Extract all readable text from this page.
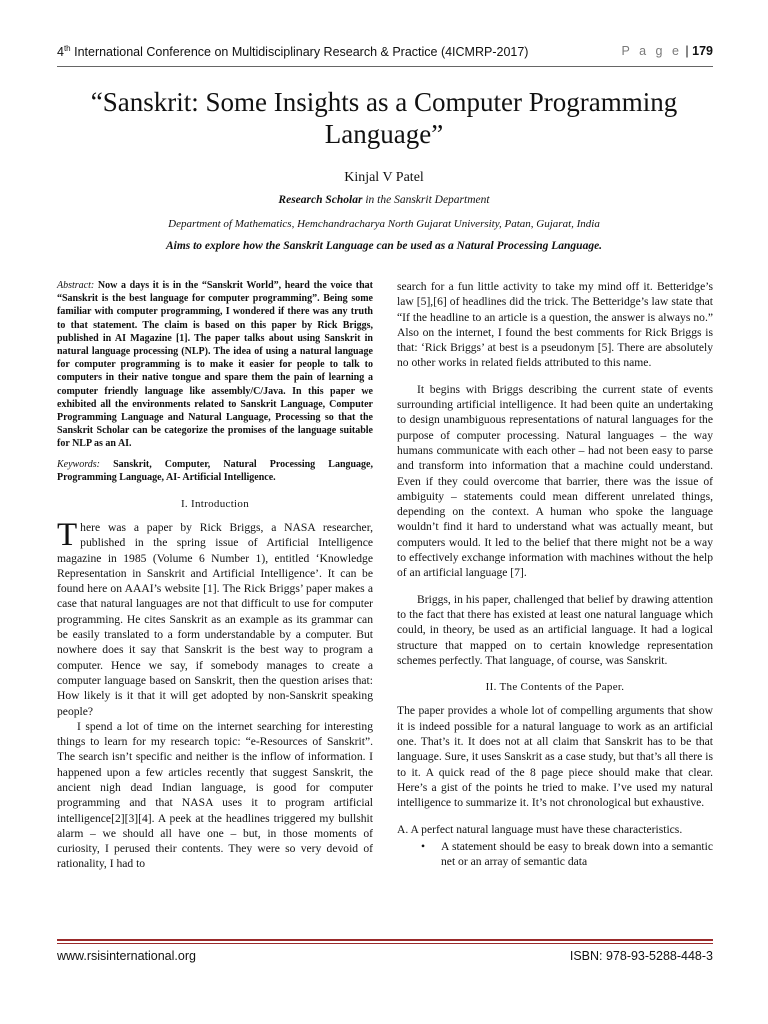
4th International Conference on Multidisciplinary Research & Practice (4ICMRP-2017)	P a g e | 179
“Sanskrit: Some Insights as a Computer Programming Language”
Kinjal V Patel
Research Scholar in the Sanskrit Department
Department of Mathematics, Hemchandracharya North Gujarat University, Patan, Gujarat, India
Aims to explore how the Sanskrit Language can be used as a Natural Processing Language.

Abstract: Now a days it is in the “Sanskrit World”, heard the voice that “Sanskrit is the best language for computer programming”. Being some familiar with computer programming, I wondered if there was any truth to that statement. The claim is based on this paper by Rick Briggs, published in AI Magazine [1]. The paper talks about using Sanskrit in natural language processing (NLP). The idea of using a natural language for computer programming is to make it easier for people to talk to computers in their native tongue and spare them the pain of learning a computer friendly language like assembly/C/Java. In this paper we exhibited all the environments related to Sanskrit Language, Computer Programming Language and Natural Language, Processing so that the Sanskrit Scholar can be categorize the promises of the language suitable for NLP as an AI.

Keywords: Sanskrit, Computer, Natural Processing Language, Programming Language, AI- Artificial Intelligence.

I. Introduction

There was a paper by Rick Briggs, a NASA researcher, published in the spring issue of Artificial Intelligence magazine in 1985 (Volume 6 Number 1), entitled ‘Knowledge Representation in Sanskrit and Artificial Intelligence’. It can be found here on AAAI’s website [1]. The Rick Briggs’ paper makes a case that natural languages are not that difficult to use for computer programming. He cites Sanskrit as an example as its grammar can be easily translated to a form understandable by a computer. But nowhere does it say that Sanskrit is the best way to program a computer. Hence we say, if somebody manages to create a computer language based on Sanskrit, then the question arises that: How likely is it that it will get adopted by non-Sanskrit speaking people?

I spend a lot of time on the internet searching for interesting things to learn for my research topic: “e-Resources of Sanskrit”. The search isn’t specific and neither is the inflow of information. I happened upon a few articles recently that suggest Sanskrit, the ancient nigh dead Indian language, is good for computer programming and that NASA uses it to program artificial intelligence[2][3][4]. A peek at the headlines triggered my bullshit alarm – we should all have one – but, in those moments of curiosity, I perused their contents. They were so very devoid of rationality, I had to

search for a fun little activity to take my mind off it. Betteridge’s law [5],[6] of headlines did the trick. The Betteridge’s law state that “If the headline to an article is a question, the answer is always no.” Also on the internet, I found the best comments for Rick Briggs is that: ‘Rick Briggs’ at best is a pseudonym [5]. There are absolutely no other works in related fields attributed to this name.

It begins with Briggs describing the current state of events surrounding artificial intelligence. It had been quite an undertaking to design unambiguous representations of natural languages for the purpose of computer processing. Natural languages – the way humans communicate with each other – had not been easy to parse and transform into information that a machine could understand. Even if they could overcome that barrier, there was the issue of ambiguity – statements could mean different unrelated things, depending on the context. A human who spoke the language wouldn’t find it hard to understand what was actually meant, but computers would. It led to the belief that there might not be a way to effectively exchange information with machines without the help of an artificial language [7].

Briggs, in his paper, challenged that belief by drawing attention to the fact that there has existed at least one natural language which could, in theory, be used as an artificial language. It had a logical structure that mapped on to certain knowledge representation schemes perfectly. That language, of course, was Sanskrit.

II. The Contents of the Paper.

The paper provides a whole lot of compelling arguments that show it is indeed possible for a natural language to work as an artificial one. That’s it. It does not at all claim that Sanskrit has to be that language. Sure, it uses Sanskrit as a case study, but that’s all there is to it. A quick read of the 8 page piece should make that clear. Here’s a gist of the points he tried to make. I’ve used my natural intelligence to summarize it. It’s not chronological but exhaustive.

A. A perfect natural language must have these characteristics.

• A statement should be easy to break down into a semantic net or an array of semantic data

www.rsisinternational.org	ISBN: 978-93-5288-448-3
